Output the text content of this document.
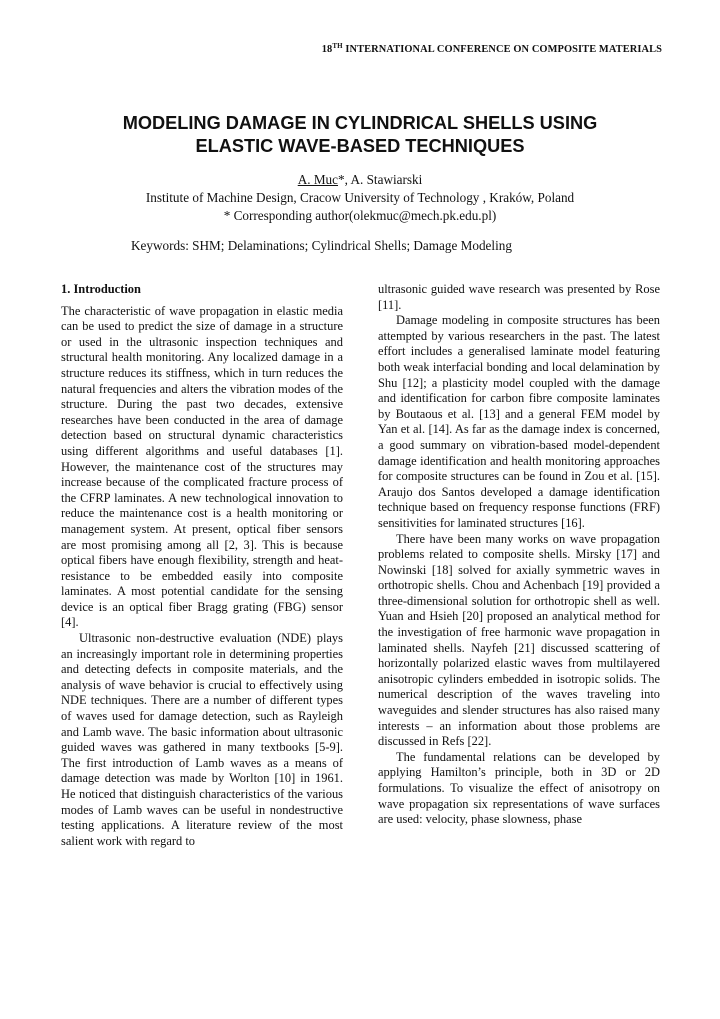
18TH INTERNATIONAL CONFERENCE ON COMPOSITE MATERIALS
MODELING DAMAGE IN CYLINDRICAL SHELLS USING
ELASTIC WAVE-BASED TECHNIQUES
A. Muc*, A. Stawiarski
Institute of Machine Design, Cracow University of Technology , Kraków, Poland
* Corresponding author(olekmuc@mech.pk.edu.pl)
Keywords: SHM; Delaminations; Cylindrical Shells; Damage Modeling
1. Introduction

The characteristic of wave propagation in elastic media can be used to predict the size of damage in a structure or used in the ultrasonic inspection techniques and structural health monitoring. Any localized damage in a structure reduces its stiffness, which in turn reduces the natural frequencies and alters the vibration modes of the structure. During the past two decades, extensive researches have been conducted in the area of damage detection based on structural dynamic characteristics using different algorithms and useful databases [1]. However, the maintenance cost of the structures may increase because of the complicated fracture process of the CFRP laminates. A new technological innovation to reduce the maintenance cost is a health monitoring or management system. At present, optical fiber sensors are most promising among all [2, 3]. This is because optical fibers have enough flexibility, strength and heat-resistance to be embedded easily into composite laminates. A most potential candidate for the sensing device is an optical fiber Bragg grating (FBG) sensor [4].

Ultrasonic non-destructive evaluation (NDE) plays an increasingly important role in determining properties and detecting defects in composite materials, and the analysis of wave behavior is crucial to effectively using NDE techniques. There are a number of different types of waves used for damage detection, such as Rayleigh and Lamb wave. The basic information about ultrasonic guided waves was gathered in many textbooks [5-9]. The first introduction of Lamb waves as a means of damage detection was made by Worlton [10] in 1961. He noticed that distinguish characteristics of the various modes of Lamb waves can be useful in nondestructive testing applications. A literature review of the most salient work with regard to

ultrasonic guided wave research was presented by Rose [11].

Damage modeling in composite structures has been attempted by various researchers in the past. The latest effort includes a generalised laminate model featuring both weak interfacial bonding and local delamination by Shu [12]; a plasticity model coupled with the damage and identification for carbon fibre composite laminates by Boutaous et al. [13] and a general FEM model by Yan et al. [14]. As far as the damage index is concerned, a good summary on vibration-based model-dependent damage identification and health monitoring approaches for composite structures can be found in Zou et al. [15]. Araujo dos Santos developed a damage identification technique based on frequency response functions (FRF) sensitivities for laminated structures [16].

There have been many works on wave propagation problems related to composite shells. Mirsky [17] and Nowinski [18] solved for axially symmetric waves in orthotropic shells. Chou and Achenbach [19] provided a three-dimensional solution for orthotropic shell as well. Yuan and Hsieh [20] proposed an analytical method for the investigation of free harmonic wave propagation in laminated shells. Nayfeh [21] discussed scattering of horizontally polarized elastic waves from multilayered anisotropic cylinders embedded in isotropic solids. The numerical description of the waves traveling into waveguides and slender structures has also raised many interests – an information about those problems are discussed in Refs [22].

The fundamental relations can be developed by applying Hamilton’s principle, both in 3D or 2D formulations. To visualize the effect of anisotropy on wave propagation six representations of wave surfaces are used: velocity, phase slowness, phase
